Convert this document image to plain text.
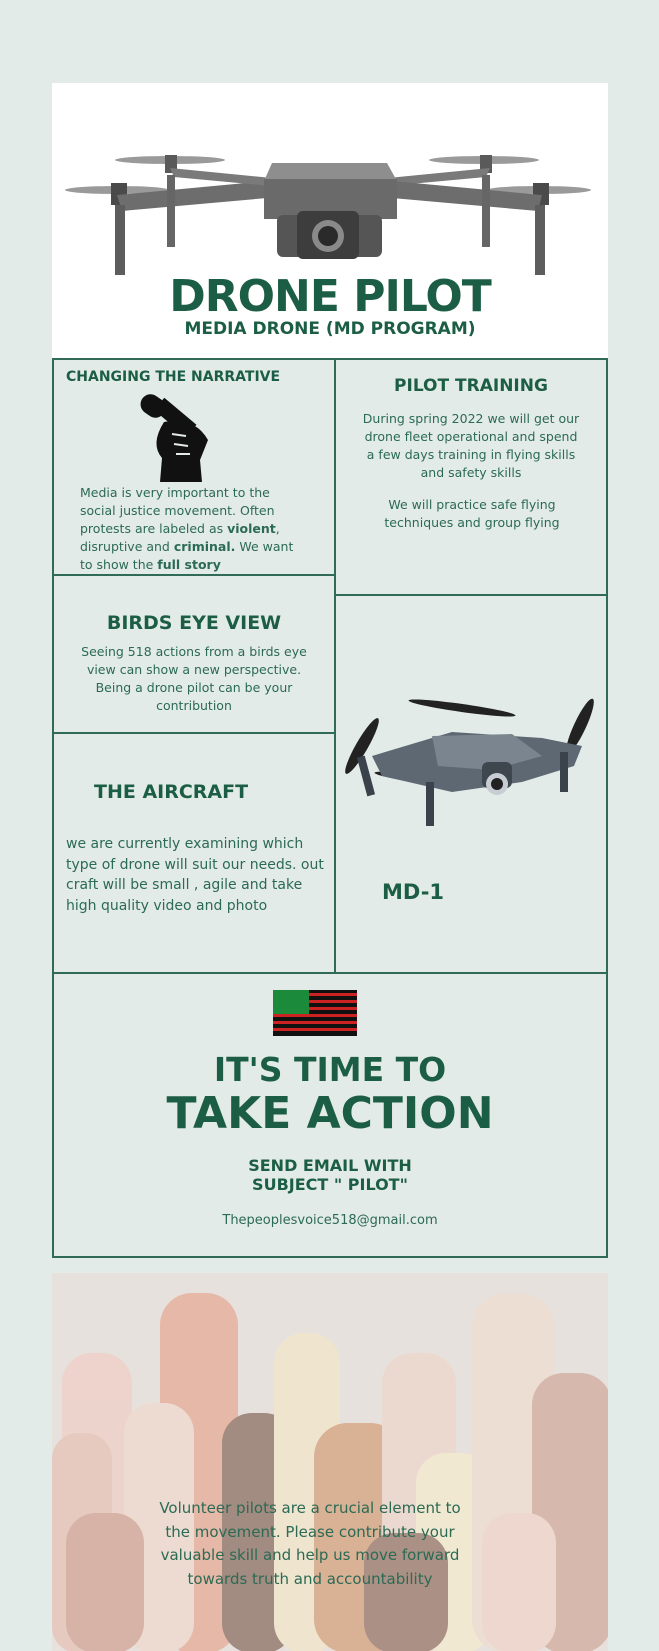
DRONE PILOT
MEDIA DRONE (MD PROGRAM)
CHANGING THE NARRATIVE
Media is very important to the social justice movement. Often protests are labeled as violent, disruptive and criminal. We want to show the full story
PILOT TRAINING
During spring 2022 we will get our drone fleet operational and spend a few days training in flying skills and safety skills
We will practice safe flying techniques and group flying
BIRDS EYE VIEW
Seeing 518 actions from a birds eye view can show a new perspective. Being a drone pilot can be your contribution
MD-1
THE AIRCRAFT
we are currently examining which type of drone will suit our needs. out craft will be small , agile and take high quality video and photo
IT'S TIME TO
TAKE ACTION
SEND EMAIL WITH
SUBJECT " PILOT"
Thepeoplesvoice518@gmail.com
Volunteer pilots are a crucial element to the movement. Please contribute your valuable skill and help us move forward towards truth and accountability
